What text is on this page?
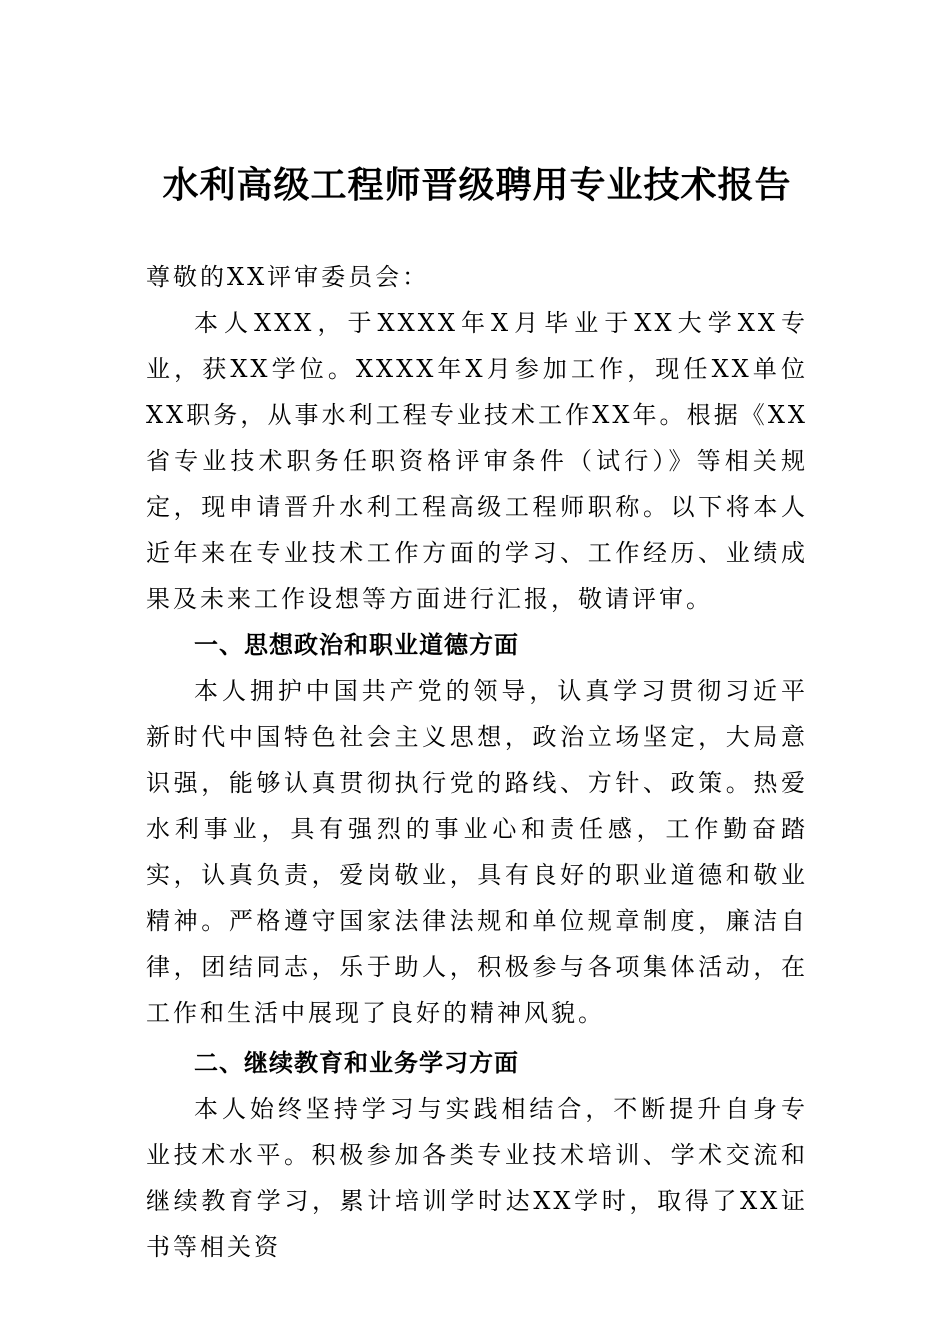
水利高级工程师晋级聘用专业技术报告

尊敬的XX评审委员会：

本人XXX，于XXXX年X月毕业于XX大学XX专业，获XX学位。XXXX年X月参加工作，现任XX单位XX职务，从事水利工程专业技术工作XX年。根据《XX省专业技术职务任职资格评审条件（试行）》等相关规定，现申请晋升水利工程高级工程师职称。以下将本人近年来在专业技术工作方面的学习、工作经历、业绩成果及未来工作设想等方面进行汇报，敬请评审。

一、思想政治和职业道德方面

本人拥护中国共产党的领导，认真学习贯彻习近平新时代中国特色社会主义思想，政治立场坚定，大局意识强，能够认真贯彻执行党的路线、方针、政策。热爱水利事业，具有强烈的事业心和责任感，工作勤奋踏实，认真负责，爱岗敬业，具有良好的职业道德和敬业精神。严格遵守国家法律法规和单位规章制度，廉洁自律，团结同志，乐于助人，积极参与各项集体活动，在工作和生活中展现了良好的精神风貌。

二、继续教育和业务学习方面

本人始终坚持学习与实践相结合，不断提升自身专业技术水平。积极参加各类专业技术培训、学术交流和继续教育学习，累计培训学时达XX学时，取得了XX证书等相关资
